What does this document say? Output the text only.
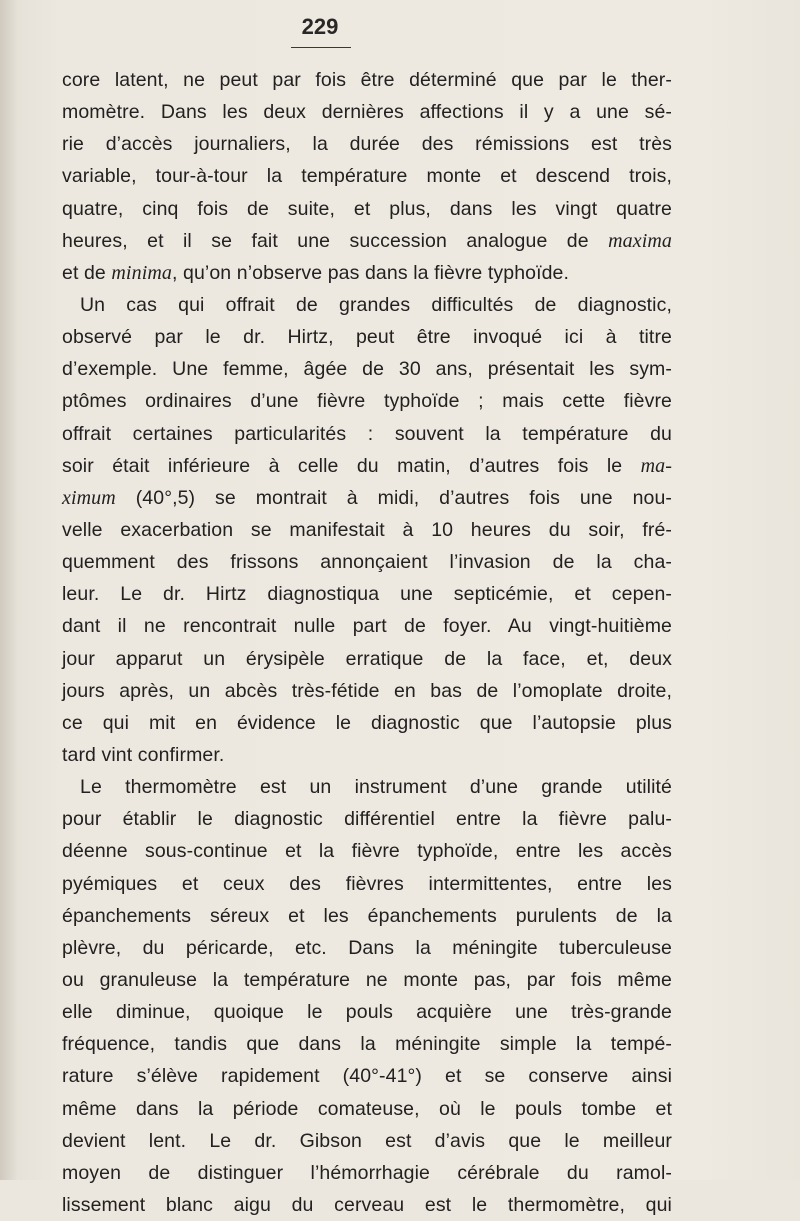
229
core latent, ne peut par fois être déterminé que par le ther-
momètre. Dans les deux dernières affections il y a une sé-
rie d’accès journaliers, la durée des rémissions est très
variable, tour-à-tour la température monte et descend trois,
quatre, cinq fois de suite, et plus, dans les vingt quatre
heures, et il se fait une succession analogue de maxima
et de minima, qu’on n’observe pas dans la fièvre typhoïde.
Un cas qui offrait de grandes difficultés de diagnostic,
observé par le dr. Hirtz, peut être invoqué ici à titre
d’exemple. Une femme, âgée de 30 ans, présentait les sym-
ptômes ordinaires d’une fièvre typhoïde ; mais cette fièvre
offrait certaines particularités : souvent la température du
soir était inférieure à celle du matin, d’autres fois le ma-
ximum (40°,5) se montrait à midi, d’autres fois une nou-
velle exacerbation se manifestait à 10 heures du soir, fré-
quemment des frissons annonçaient l’invasion de la cha-
leur. Le dr. Hirtz diagnostiqua une septicémie, et cepen-
dant il ne rencontrait nulle part de foyer. Au vingt-huitième
jour apparut un érysipèle erratique de la face, et, deux
jours après, un abcès très-fétide en bas de l’omoplate droite,
ce qui mit en évidence le diagnostic que l’autopsie plus
tard vint confirmer.
Le thermomètre est un instrument d’une grande utilité
pour établir le diagnostic différentiel entre la fièvre palu-
déenne sous-continue et la fièvre typhoïde, entre les accès
pyémiques et ceux des fièvres intermittentes, entre les
épanchements séreux et les épanchements purulents de la
plèvre, du péricarde, etc. Dans la méningite tuberculeuse
ou granuleuse la température ne monte pas, par fois même
elle diminue, quoique le pouls acquière une très-grande
fréquence, tandis que dans la méningite simple la tempé-
rature s’élève rapidement (40°-41°) et se conserve ainsi
même dans la période comateuse, où le pouls tombe et
devient lent. Le dr. Gibson est d’avis que le meilleur
moyen de distinguer l’hémorrhagie cérébrale du ramol-
lissement blanc aigu du cerveau est le thermomètre, qui
